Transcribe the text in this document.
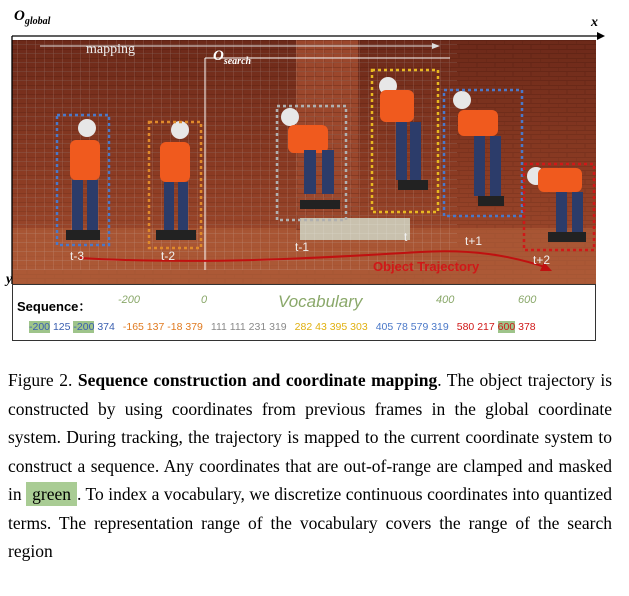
$O_{global}$	x
y
mapping	$O_{search}$
t-3	t-2
t-1
t	t+1
t+2
Object Trajectory
Sequence： -200	0	400	600
Vocabulary
-200 125 -200 374 -165 137 -18 379 111 111 231 319 282 43 395 303 405 78 579 319 580 217 600 378
Figure 2. Sequence construction and coordinate mapping. The object trajectory is constructed by using coordinates from previous frames in the global coordinate system. During tracking, the trajectory is mapped to the current coordinate system to construct a sequence. Any coordinates that are out-of-range are clamped and masked in green . To index a vocabulary, we discretize continuous coordinates into quantized terms. The representation range of the vocabulary covers the range of the search region
